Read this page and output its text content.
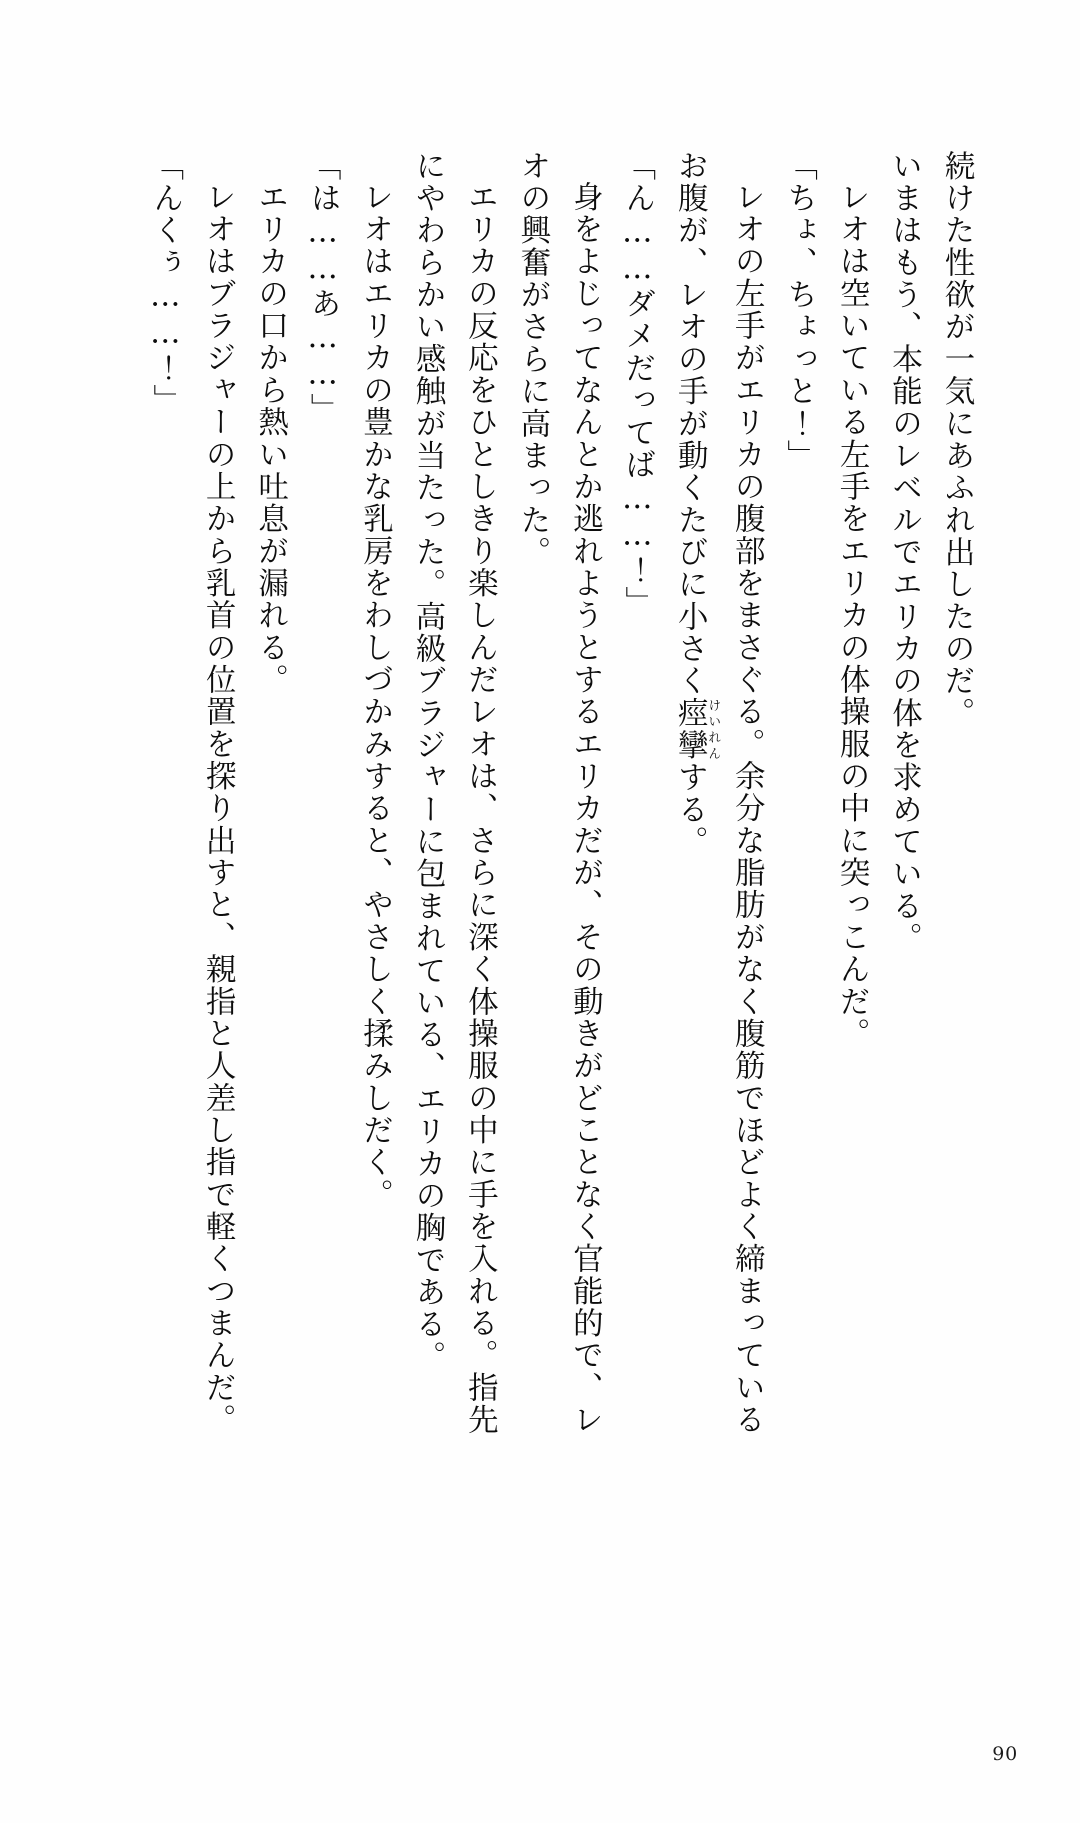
続けた性欲が一気にあふれ出したのだ。

いまはもう、本能のレベルでエリカの体を求めている。

レオは空いている左手をエリカの体操服の中に突っこんだ。

「ちょ、ちょっと！」

レオの左手がエリカの腹部をまさぐる。余分な脂肪がなく腹筋でほどよく締まっている

お腹が、レオの手が動くたびに小さく痙攣けいれんする。

「ん……ダメだってば……！」

身をよじってなんとか逃れようとするエリカだが、その動きがどことなく官能的で、レ

オの興奮がさらに高まった。

エリカの反応をひとしきり楽しんだレオは、さらに深く体操服の中に手を入れる。指先

にやわらかい感触が当たった。高級ブラジャーに包まれている、エリカの胸である。

レオはエリカの豊かな乳房をわしづかみすると、やさしく揉みしだく。

「は……あ……」

エリカの口から熱い吐息が漏れる。

レオはブラジャーの上から乳首の位置を探り出すと、親指と人差し指で軽くつまんだ。

「んくぅ……！」

90
